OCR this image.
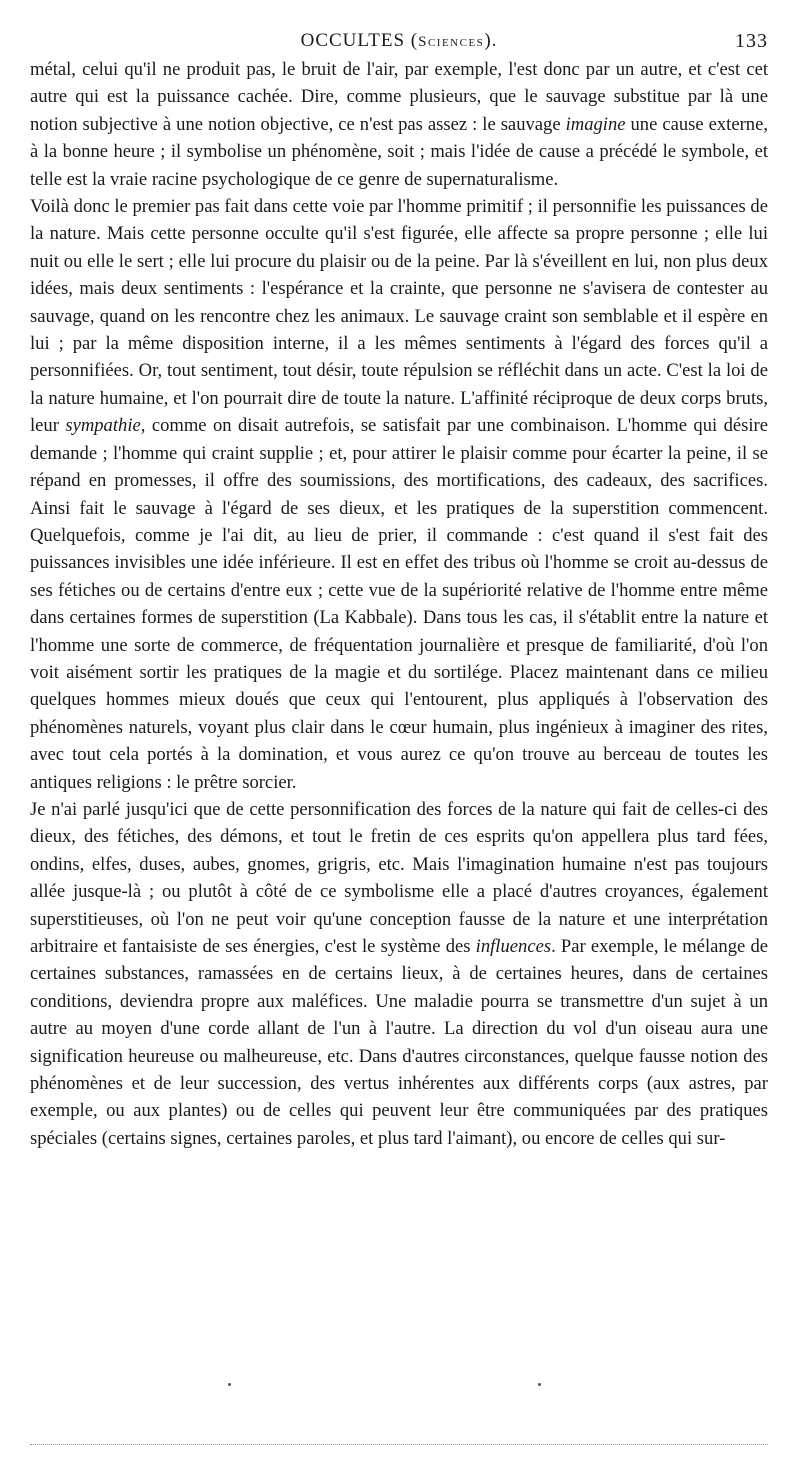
OCCULTES (Sciences).	133

métal, celui qu'il ne produit pas, le bruit de l'air, par exemple, l'est donc par un autre, et c'est cet autre qui est la puissance cachée. Dire, comme plusieurs, que le sauvage substitue par là une notion subjective à une notion objective, ce n'est pas assez : le sauvage imagine une cause externe, à la bonne heure ; il symbolise un phénomène, soit ; mais l'idée de cause a précédé le symbole, et telle est la vraie racine psychologique de ce genre de supernaturalisme.

Voilà donc le premier pas fait dans cette voie par l'homme primitif ; il personnifie les puissances de la nature. Mais cette personne occulte qu'il s'est figurée, elle affecte sa propre personne ; elle lui nuit ou elle le sert ; elle lui procure du plaisir ou de la peine. Par là s'éveillent en lui, non plus deux idées, mais deux sentiments : l'espérance et la crainte, que personne ne s'avisera de contester au sauvage, quand on les rencontre chez les animaux. Le sauvage craint son semblable et il espère en lui ; par la même disposition interne, il a les mêmes sentiments à l'égard des forces qu'il a personnifiées. Or, tout sentiment, tout désir, toute répulsion se réfléchit dans un acte. C'est la loi de la nature humaine, et l'on pourrait dire de toute la nature. L'affinité réciproque de deux corps bruts, leur sympathie, comme on disait autrefois, se satisfait par une combinaison. L'homme qui désire demande ; l'homme qui craint supplie ; et, pour attirer le plaisir comme pour écarter la peine, il se répand en promesses, il offre des soumissions, des mortifications, des cadeaux, des sacrifices. Ainsi fait le sauvage à l'égard de ses dieux, et les pratiques de la superstition commencent. Quelquefois, comme je l'ai dit, au lieu de prier, il commande : c'est quand il s'est fait des puissances invisibles une idée inférieure. Il est en effet des tribus où l'homme se croit au-dessus de ses fétiches ou de certains d'entre eux ; cette vue de la supériorité relative de l'homme entre même dans certaines formes de superstition (La Kabbale). Dans tous les cas, il s'établit entre la nature et l'homme une sorte de commerce, de fréquentation journalière et presque de familiarité, d'où l'on voit aisément sortir les pratiques de la magie et du sortilége. Placez maintenant dans ce milieu quelques hommes mieux doués que ceux qui l'entourent, plus appliqués à l'observation des phénomènes naturels, voyant plus clair dans le cœur humain, plus ingénieux à imaginer des rites, avec tout cela portés à la domination, et vous aurez ce qu'on trouve au berceau de toutes les antiques religions : le prêtre sorcier.

Je n'ai parlé jusqu'ici que de cette personnification des forces de la nature qui fait de celles-ci des dieux, des fétiches, des démons, et tout le fretin de ces esprits qu'on appellera plus tard fées, ondins, elfes, duses, aubes, gnomes, grigris, etc. Mais l'imagination humaine n'est pas toujours allée jusque-là ; ou plutôt à côté de ce symbolisme elle a placé d'autres croyances, également superstitieuses, où l'on ne peut voir qu'une conception fausse de la nature et une interprétation arbitraire et fantaisiste de ses énergies, c'est le système des influences. Par exemple, le mélange de certaines substances, ramassées en de certains lieux, à de certaines heures, dans de certaines conditions, deviendra propre aux maléfices. Une maladie pourra se transmettre d'un sujet à un autre au moyen d'une corde allant de l'un à l'autre. La direction du vol d'un oiseau aura une signification heureuse ou malheureuse, etc. Dans d'autres circonstances, quelque fausse notion des phénomènes et de leur succession, des vertus inhérentes aux différents corps (aux astres, par exemple, ou aux plantes) ou de celles qui peuvent leur être communiquées par des pratiques spéciales (certains signes, certaines paroles, et plus tard l'aimant), ou encore de celles qui sur-
